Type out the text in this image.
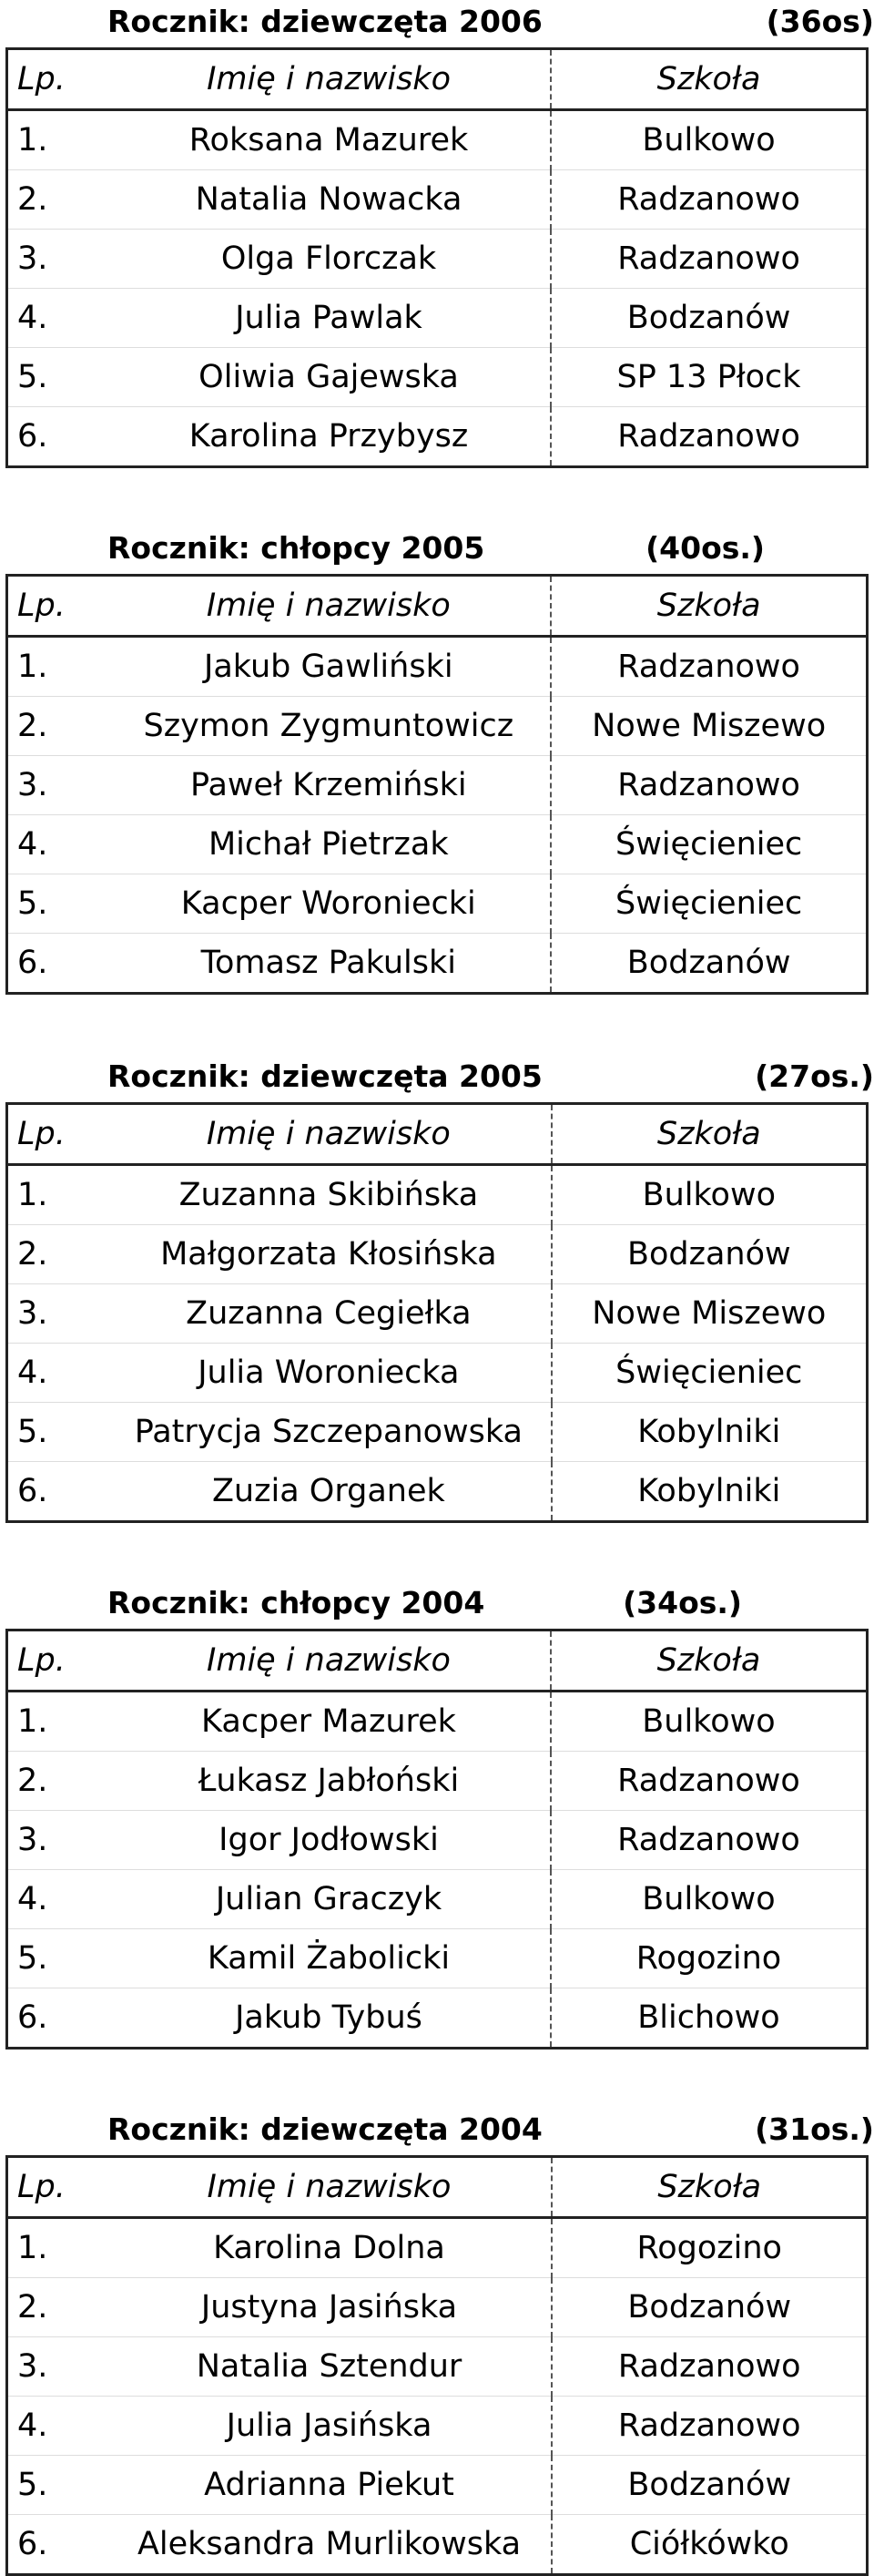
Rocznik: dziewczęta 2006	(36os)
Lp.	Imię i nazwisko	Szkoła
1.	Roksana Mazurek	Bulkowo
2.	Natalia Nowacka	Radzanowo
3.	Olga Florczak	Radzanowo
4.	Julia Pawlak	Bodzanów
5.	Oliwia Gajewska	SP 13 Płock
6.	Karolina Przybysz	Radzanowo
Rocznik: chłopcy 2005	(40os.)
Lp.	Imię i nazwisko	Szkoła
1.	Jakub Gawliński	Radzanowo
2.	Szymon Zygmuntowicz	Nowe Miszewo
3.	Paweł Krzemiński	Radzanowo
4.	Michał Pietrzak	Święcieniec
5.	Kacper Woroniecki	Święcieniec
6.	Tomasz Pakulski	Bodzanów
Rocznik: dziewczęta 2005	(27os.)
Lp.	Imię i nazwisko	Szkoła
1.	Zuzanna Skibińska	Bulkowo
2.	Małgorzata Kłosińska	Bodzanów
3.	Zuzanna Cegiełka	Nowe Miszewo
4.	Julia Woroniecka	Święcieniec
5.	Patrycja Szczepanowska	Kobylniki
6.	Zuzia Organek	Kobylniki
Rocznik: chłopcy 2004	(34os.)
Lp.	Imię i nazwisko	Szkoła
1.	Kacper Mazurek	Bulkowo
2.	Łukasz Jabłoński	Radzanowo
3.	Igor Jodłowski	Radzanowo
4.	Julian Graczyk	Bulkowo
5.	Kamil Żabolicki	Rogozino
6.	Jakub Tybuś	Blichowo
Rocznik: dziewczęta 2004	(31os.)
Lp.	Imię i nazwisko	Szkoła
1.	Karolina Dolna	Rogozino
2.	Justyna Jasińska	Bodzanów
3.	Natalia Sztendur	Radzanowo
4.	Julia Jasińska	Radzanowo
5.	Adrianna Piekut	Bodzanów
6.	Aleksandra Murlikowska	Ciółkówko
